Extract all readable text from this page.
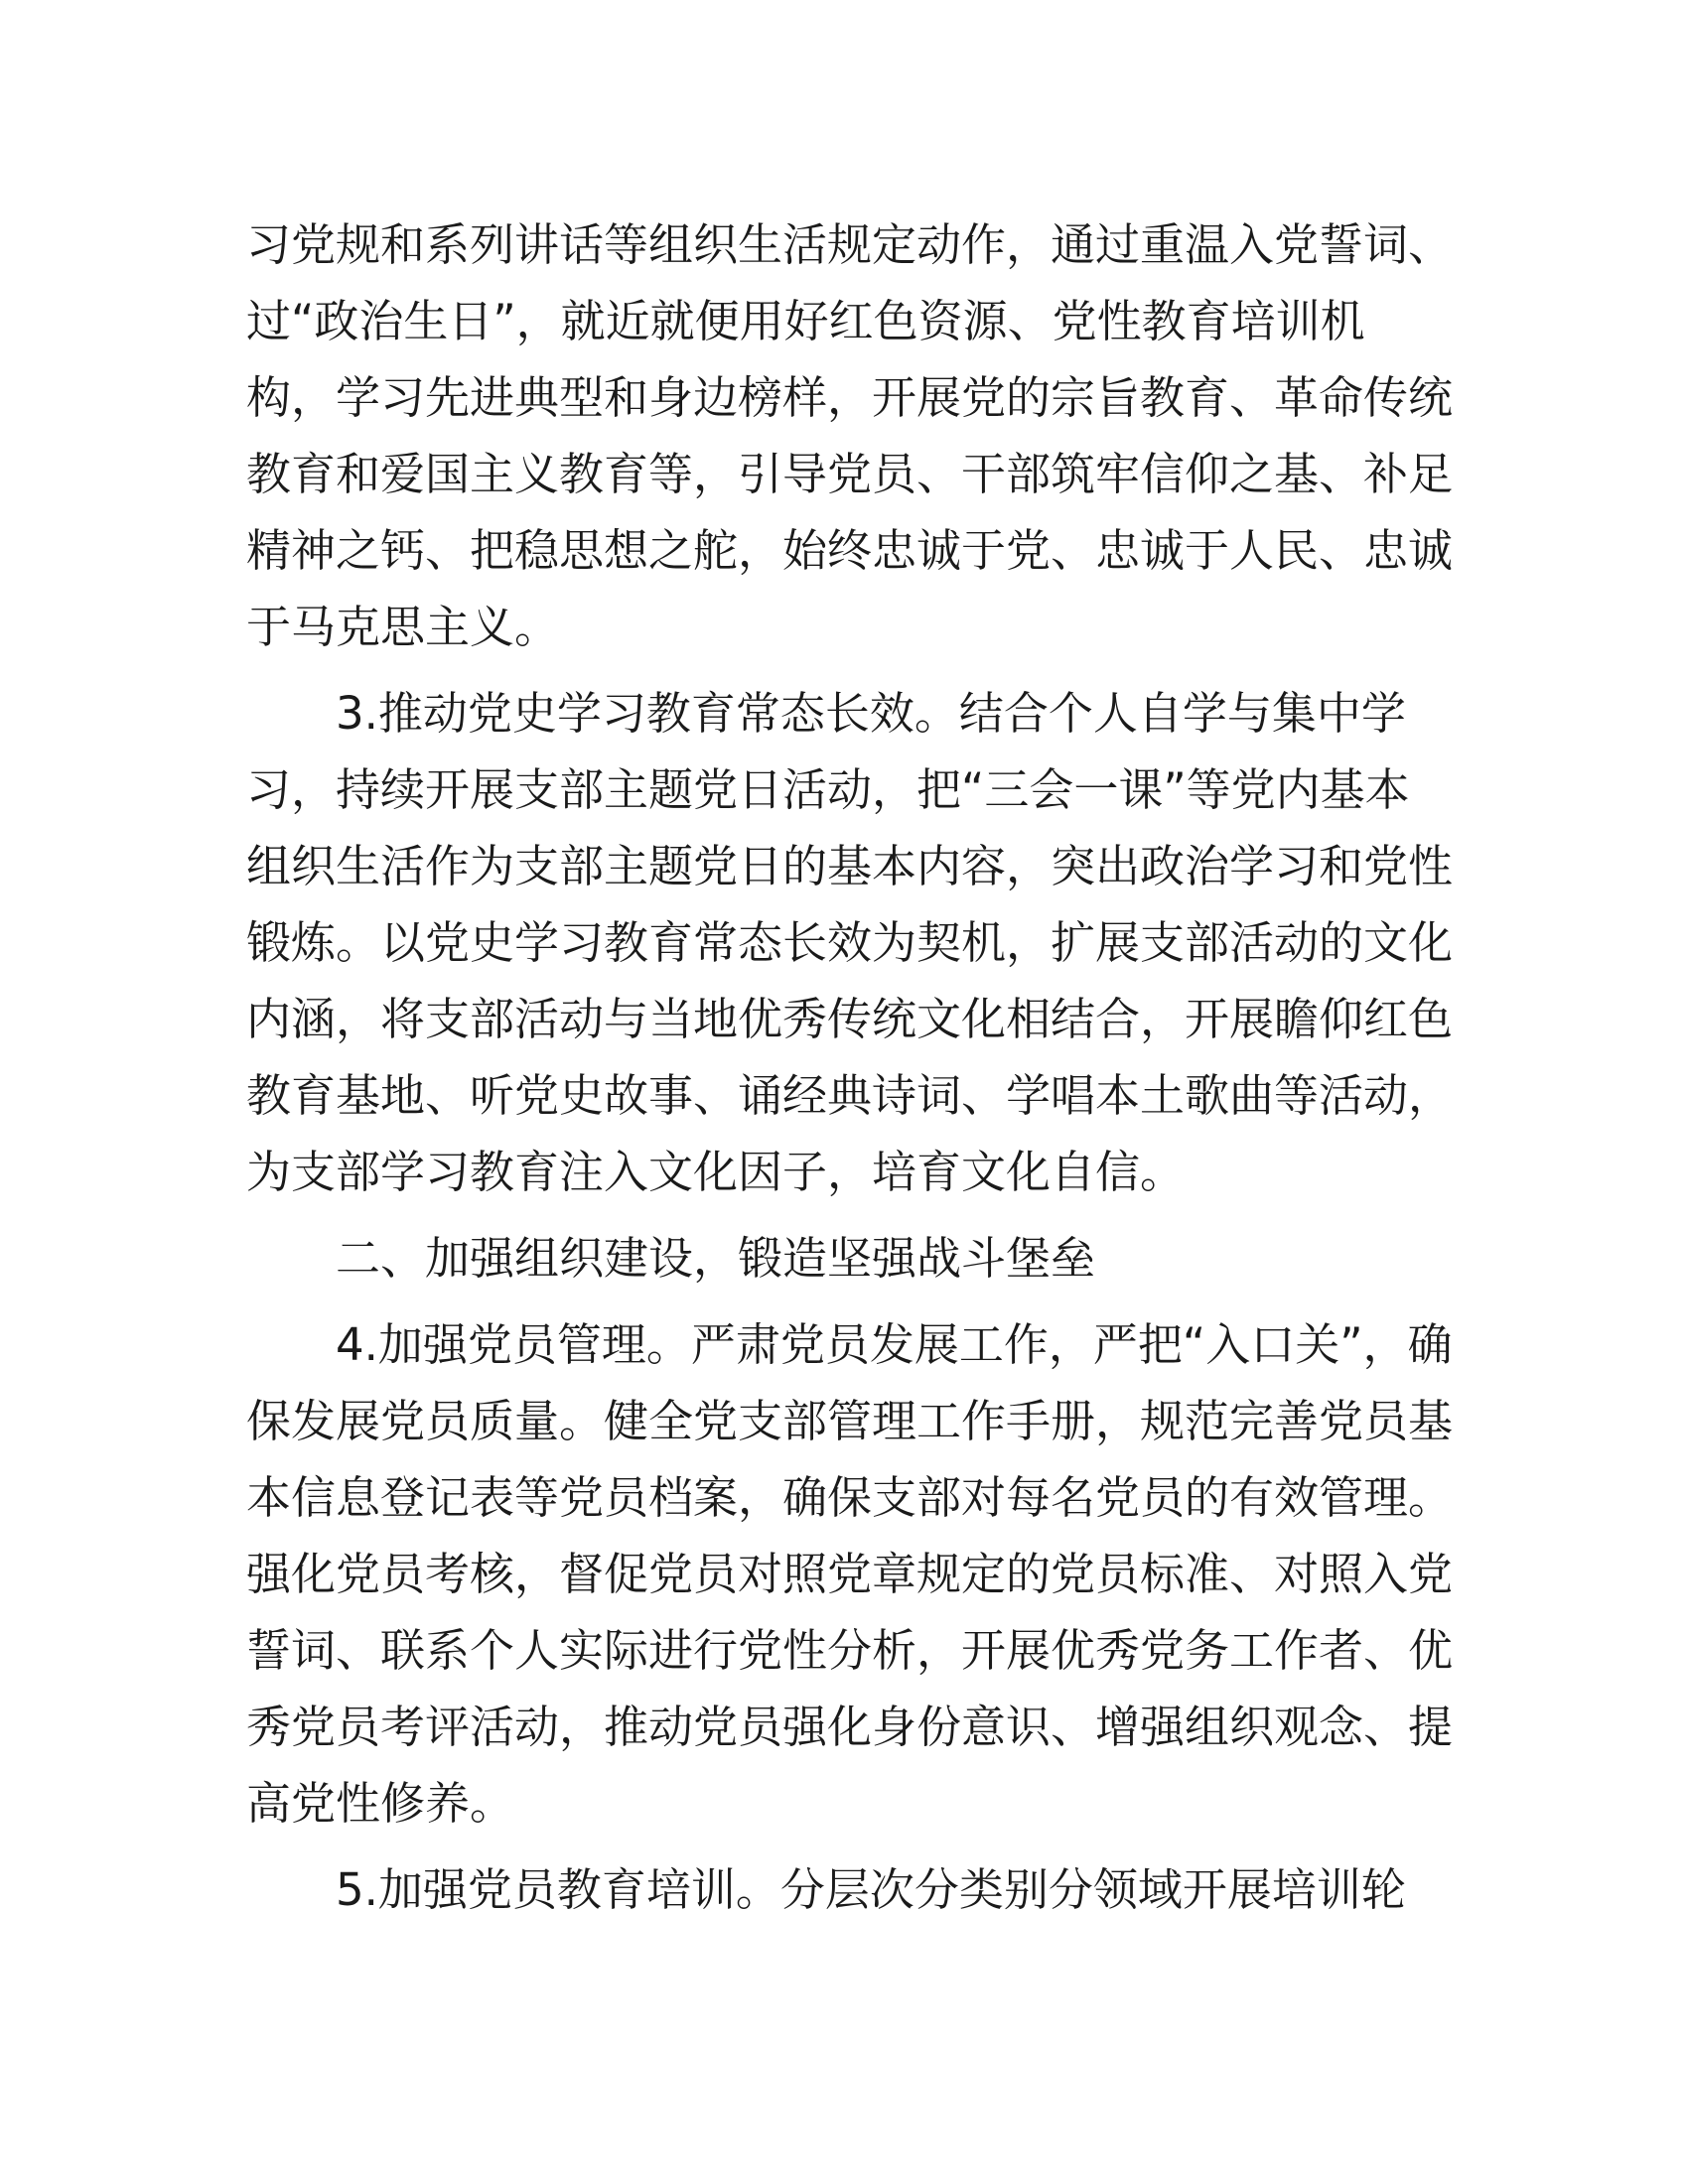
习党规和系列讲话等组织生活规定动作，通过重温入党誓词、
过“政治生日”，就近就便用好红色资源、党性教育培训机
构，学习先进典型和身边榜样，开展党的宗旨教育、革命传统
教育和爱国主义教育等，引导党员、干部筑牢信仰之基、补足
精神之钙、把稳思想之舵，始终忠诚于党、忠诚于人民、忠诚
于马克思主义。
3.推动党史学习教育常态长效。结合个人自学与集中学
习，持续开展支部主题党日活动，把“三会一课”等党内基本
组织生活作为支部主题党日的基本内容，突出政治学习和党性
锻炼。以党史学习教育常态长效为契机，扩展支部活动的文化
内涵，将支部活动与当地优秀传统文化相结合，开展瞻仰红色
教育基地、听党史故事、诵经典诗词、学唱本土歌曲等活动，
为支部学习教育注入文化因子，培育文化自信。
二、加强组织建设，锻造坚强战斗堡垒
4.加强党员管理。严肃党员发展工作，严把“入口关”，确
保发展党员质量。健全党支部管理工作手册，规范完善党员基
本信息登记表等党员档案，确保支部对每名党员的有效管理。
强化党员考核，督促党员对照党章规定的党员标准、对照入党
誓词、联系个人实际进行党性分析，开展优秀党务工作者、优
秀党员考评活动，推动党员强化身份意识、增强组织观念、提
高党性修养。
5.加强党员教育培训。分层次分类别分领域开展培训轮
